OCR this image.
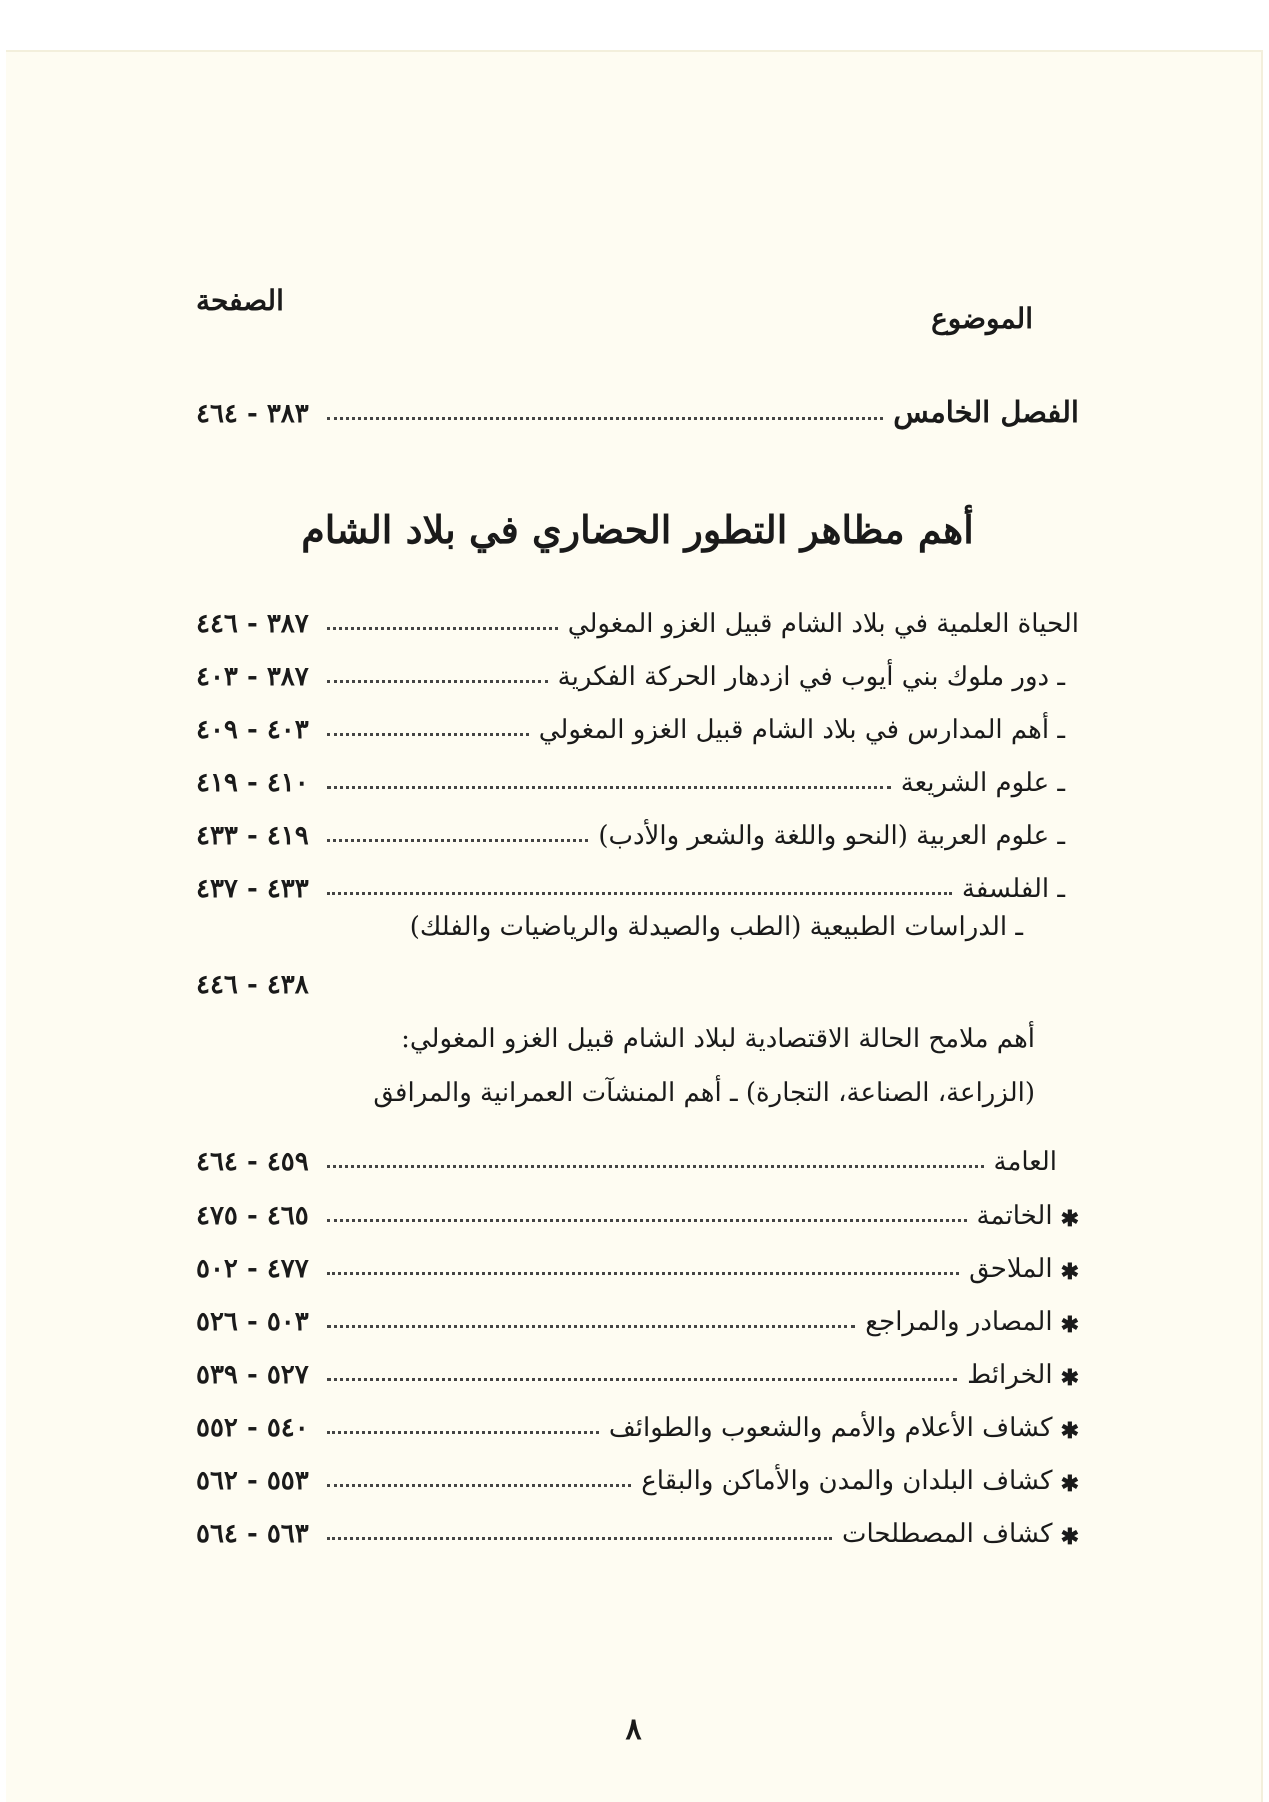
الموضوع
الصفحة
الفصل الخامس
٣٨٣ - ٤٦٤
أهم مظاهر التطور الحضاري في بلاد الشام
الحياة العلمية في بلاد الشام قبيل الغزو المغولي
٣٨٧ - ٤٤٦
ـ دور ملوك بني أيوب في ازدهار الحركة الفكرية
٣٨٧ - ٤٠٣
ـ أهم المدارس في بلاد الشام قبيل الغزو المغولي
٤٠٣ - ٤٠٩
ـ علوم الشريعة
٤١٠ - ٤١٩
ـ علوم العربية (النحو واللغة والشعر والأدب)
٤١٩ - ٤٣٣
ـ الفلسفة
٤٣٣ - ٤٣٧
ـ الدراسات الطبيعية (الطب والصيدلة والرياضيات والفلك)
٤٣٨ - ٤٤٦
أهم ملامح الحالة الاقتصادية لبلاد الشام قبيل الغزو المغولي:
(الزراعة، الصناعة، التجارة) ـ أهم المنشآت العمرانية والمرافق
العامة
٤٥٩ - ٤٦٤
✱
الخاتمة
٤٦٥ - ٤٧٥
✱
الملاحق
٤٧٧ - ٥٠٢
✱
المصادر والمراجع
٥٠٣ - ٥٢٦
✱
الخرائط
٥٢٧ - ٥٣٩
✱
كشاف الأعلام والأمم والشعوب والطوائف
٥٤٠ - ٥٥٢
✱
كشاف البلدان والمدن والأماكن والبقاع
٥٥٣ - ٥٦٢
✱
كشاف المصطلحات
٥٦٣ - ٥٦٤
٨
